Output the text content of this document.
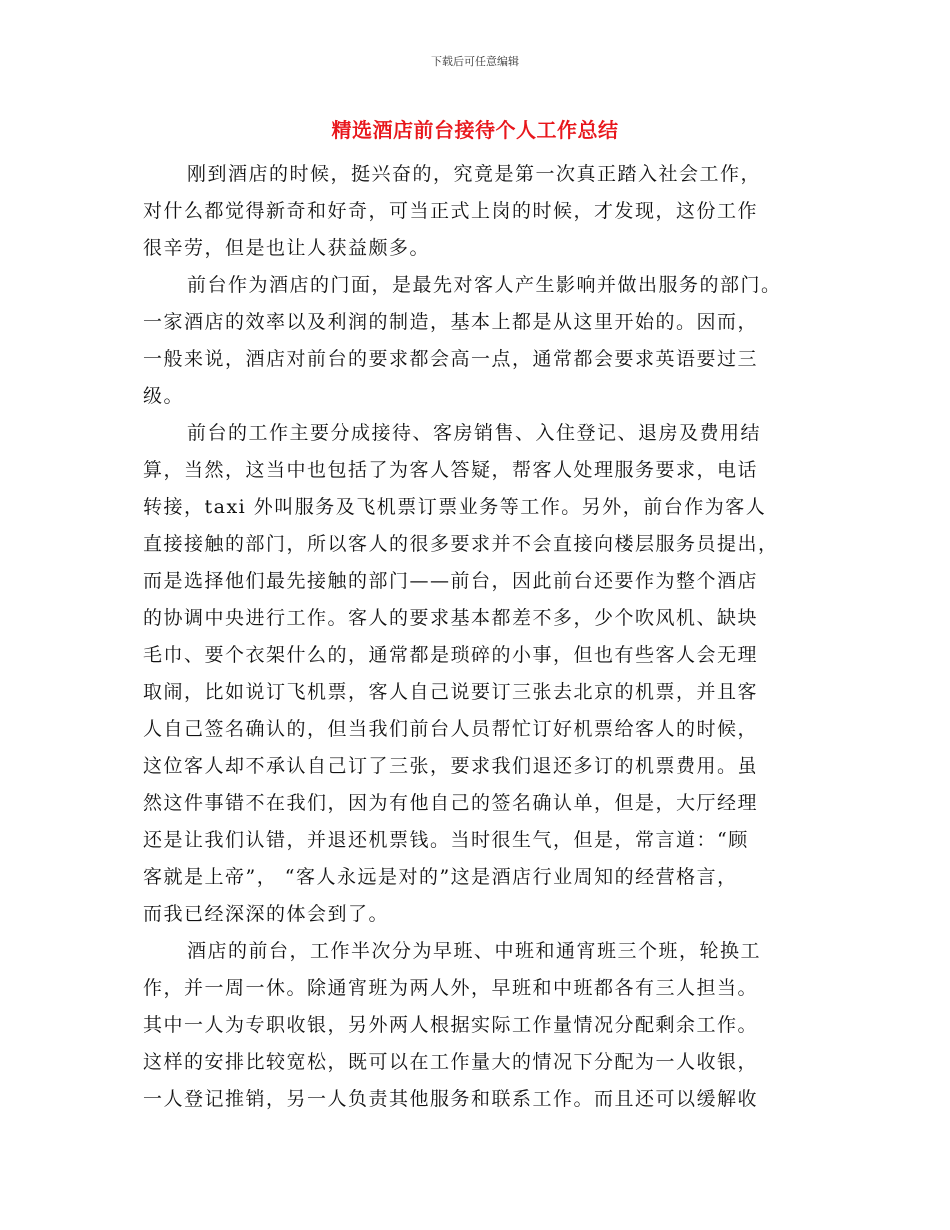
下载后可任意编辑
精选酒店前台接待个人工作总结
刚到酒店的时候，挺兴奋的，究竟是第一次真正踏入社会工作，
对什么都觉得新奇和好奇，可当正式上岗的时候，才发现，这份工作
很辛劳，但是也让人获益颇多。
前台作为酒店的门面，是最先对客人产生影响并做出服务的部门。
一家酒店的效率以及利润的制造，基本上都是从这里开始的。因而，
一般来说，酒店对前台的要求都会高一点，通常都会要求英语要过三
级。
前台的工作主要分成接待、客房销售、入住登记、退房及费用结
算，当然，这当中也包括了为客人答疑，帮客人处理服务要求，电话
转接，taxi 外叫服务及飞机票订票业务等工作。另外，前台作为客人
直接接触的部门，所以客人的很多要求并不会直接向楼层服务员提出，
而是选择他们最先接触的部门——前台，因此前台还要作为整个酒店
的协调中央进行工作。客人的要求基本都差不多，少个吹风机、缺块
毛巾、要个衣架什么的，通常都是琐碎的小事，但也有些客人会无理
取闹，比如说订飞机票，客人自己说要订三张去北京的机票，并且客
人自己签名确认的，但当我们前台人员帮忙订好机票给客人的时候，
这位客人却不承认自己订了三张，要求我们退还多订的机票费用。虽
然这件事错不在我们，因为有他自己的签名确认单，但是，大厅经理
还是让我们认错，并退还机票钱。当时很生气，但是，常言道：“顾
客就是上帝”， “客人永远是对的”这是酒店行业周知的经营格言，
而我已经深深的体会到了。
酒店的前台，工作半次分为早班、中班和通宵班三个班，轮换工
作，并一周一休。除通宵班为两人外，早班和中班都各有三人担当。
其中一人为专职收银，另外两人根据实际工作量情况分配剩余工作。
这样的安排比较宽松，既可以在工作量大的情况下分配为一人收银，
一人登记推销，另一人负责其他服务和联系工作。而且还可以缓解收
